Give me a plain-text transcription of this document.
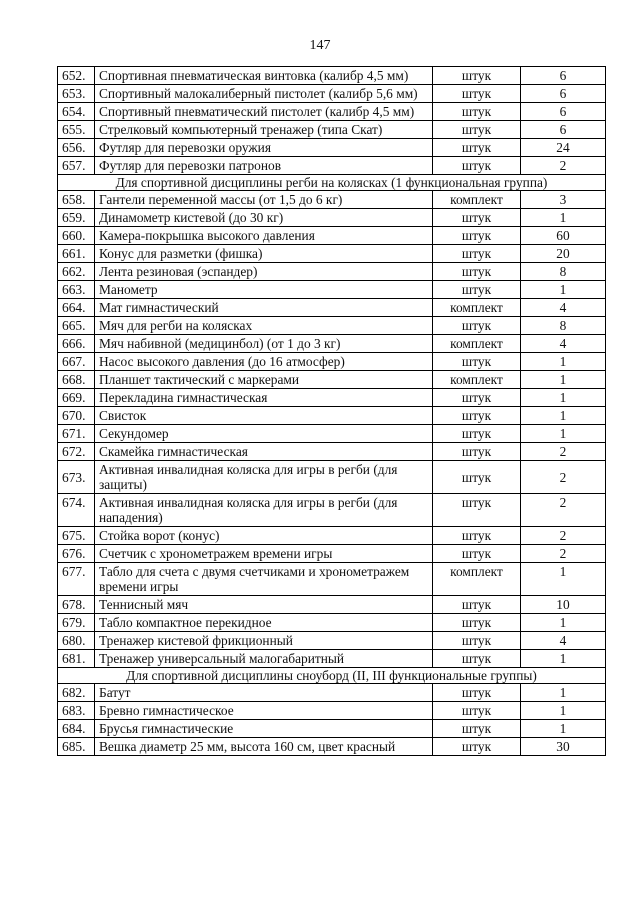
147
652.	Спортивная пневматическая винтовка (калибр 4,5 мм)	штук	6
653.	Спортивный малокалиберный пистолет (калибр 5,6 мм)	штук	6
654.	Спортивный пневматический пистолет (калибр 4,5 мм)	штук	6
655.	Стрелковый компьютерный тренажер (типа Скат)	штук	6
656.	Футляр для перевозки оружия	штук	24
657.	Футляр для перевозки патронов	штук	2
Для спортивной дисциплины регби на колясках (1 функциональная группа)			
658.	Гантели переменной массы (от 1,5 до 6 кг)	комплект	3
659.	Динамометр кистевой (до 30 кг)	штук	1
660.	Камера-покрышка высокого давления	штук	60
661.	Конус для разметки (фишка)	штук	20
662.	Лента резиновая (эспандер)	штук	8
663.	Манометр	штук	1
664.	Мат гимнастический	комплект	4
665.	Мяч для регби на колясках	штук	8
666.	Мяч набивной (медицинбол) (от 1 до 3 кг)	комплект	4
667.	Насос высокого давления (до 16 атмосфер)	штук	1
668.	Планшет тактический с маркерами	комплект	1
669.	Перекладина гимнастическая	штук	1
670.	Свисток	штук	1
671.	Секундомер	штук	1
672.	Скамейка гимнастическая	штук	2
673.	Активная инвалидная коляска для игры в регби (для защиты)	штук	2
674.	Активная инвалидная коляска для игры в регби (для нападения)	штук	2
675.	Стойка ворот (конус)	штук	2
676.	Счетчик с хронометражем времени игры	штук	2
677.	Табло для счета с двумя счетчиками и хронометражем времени игры	комплект	1
678.	Теннисный мяч	штук	10
679.	Табло компактное перекидное	штук	1
680.	Тренажер кистевой фрикционный	штук	4
681.	Тренажер универсальный малогабаритный	штук	1
Для спортивной дисциплины сноуборд (II, III функциональные группы)			
682.	Батут	штук	1
683.	Бревно гимнастическое	штук	1
684.	Брусья гимнастические	штук	1
685.	Вешка диаметр 25 мм, высота 160 см, цвет красный	штук	30
